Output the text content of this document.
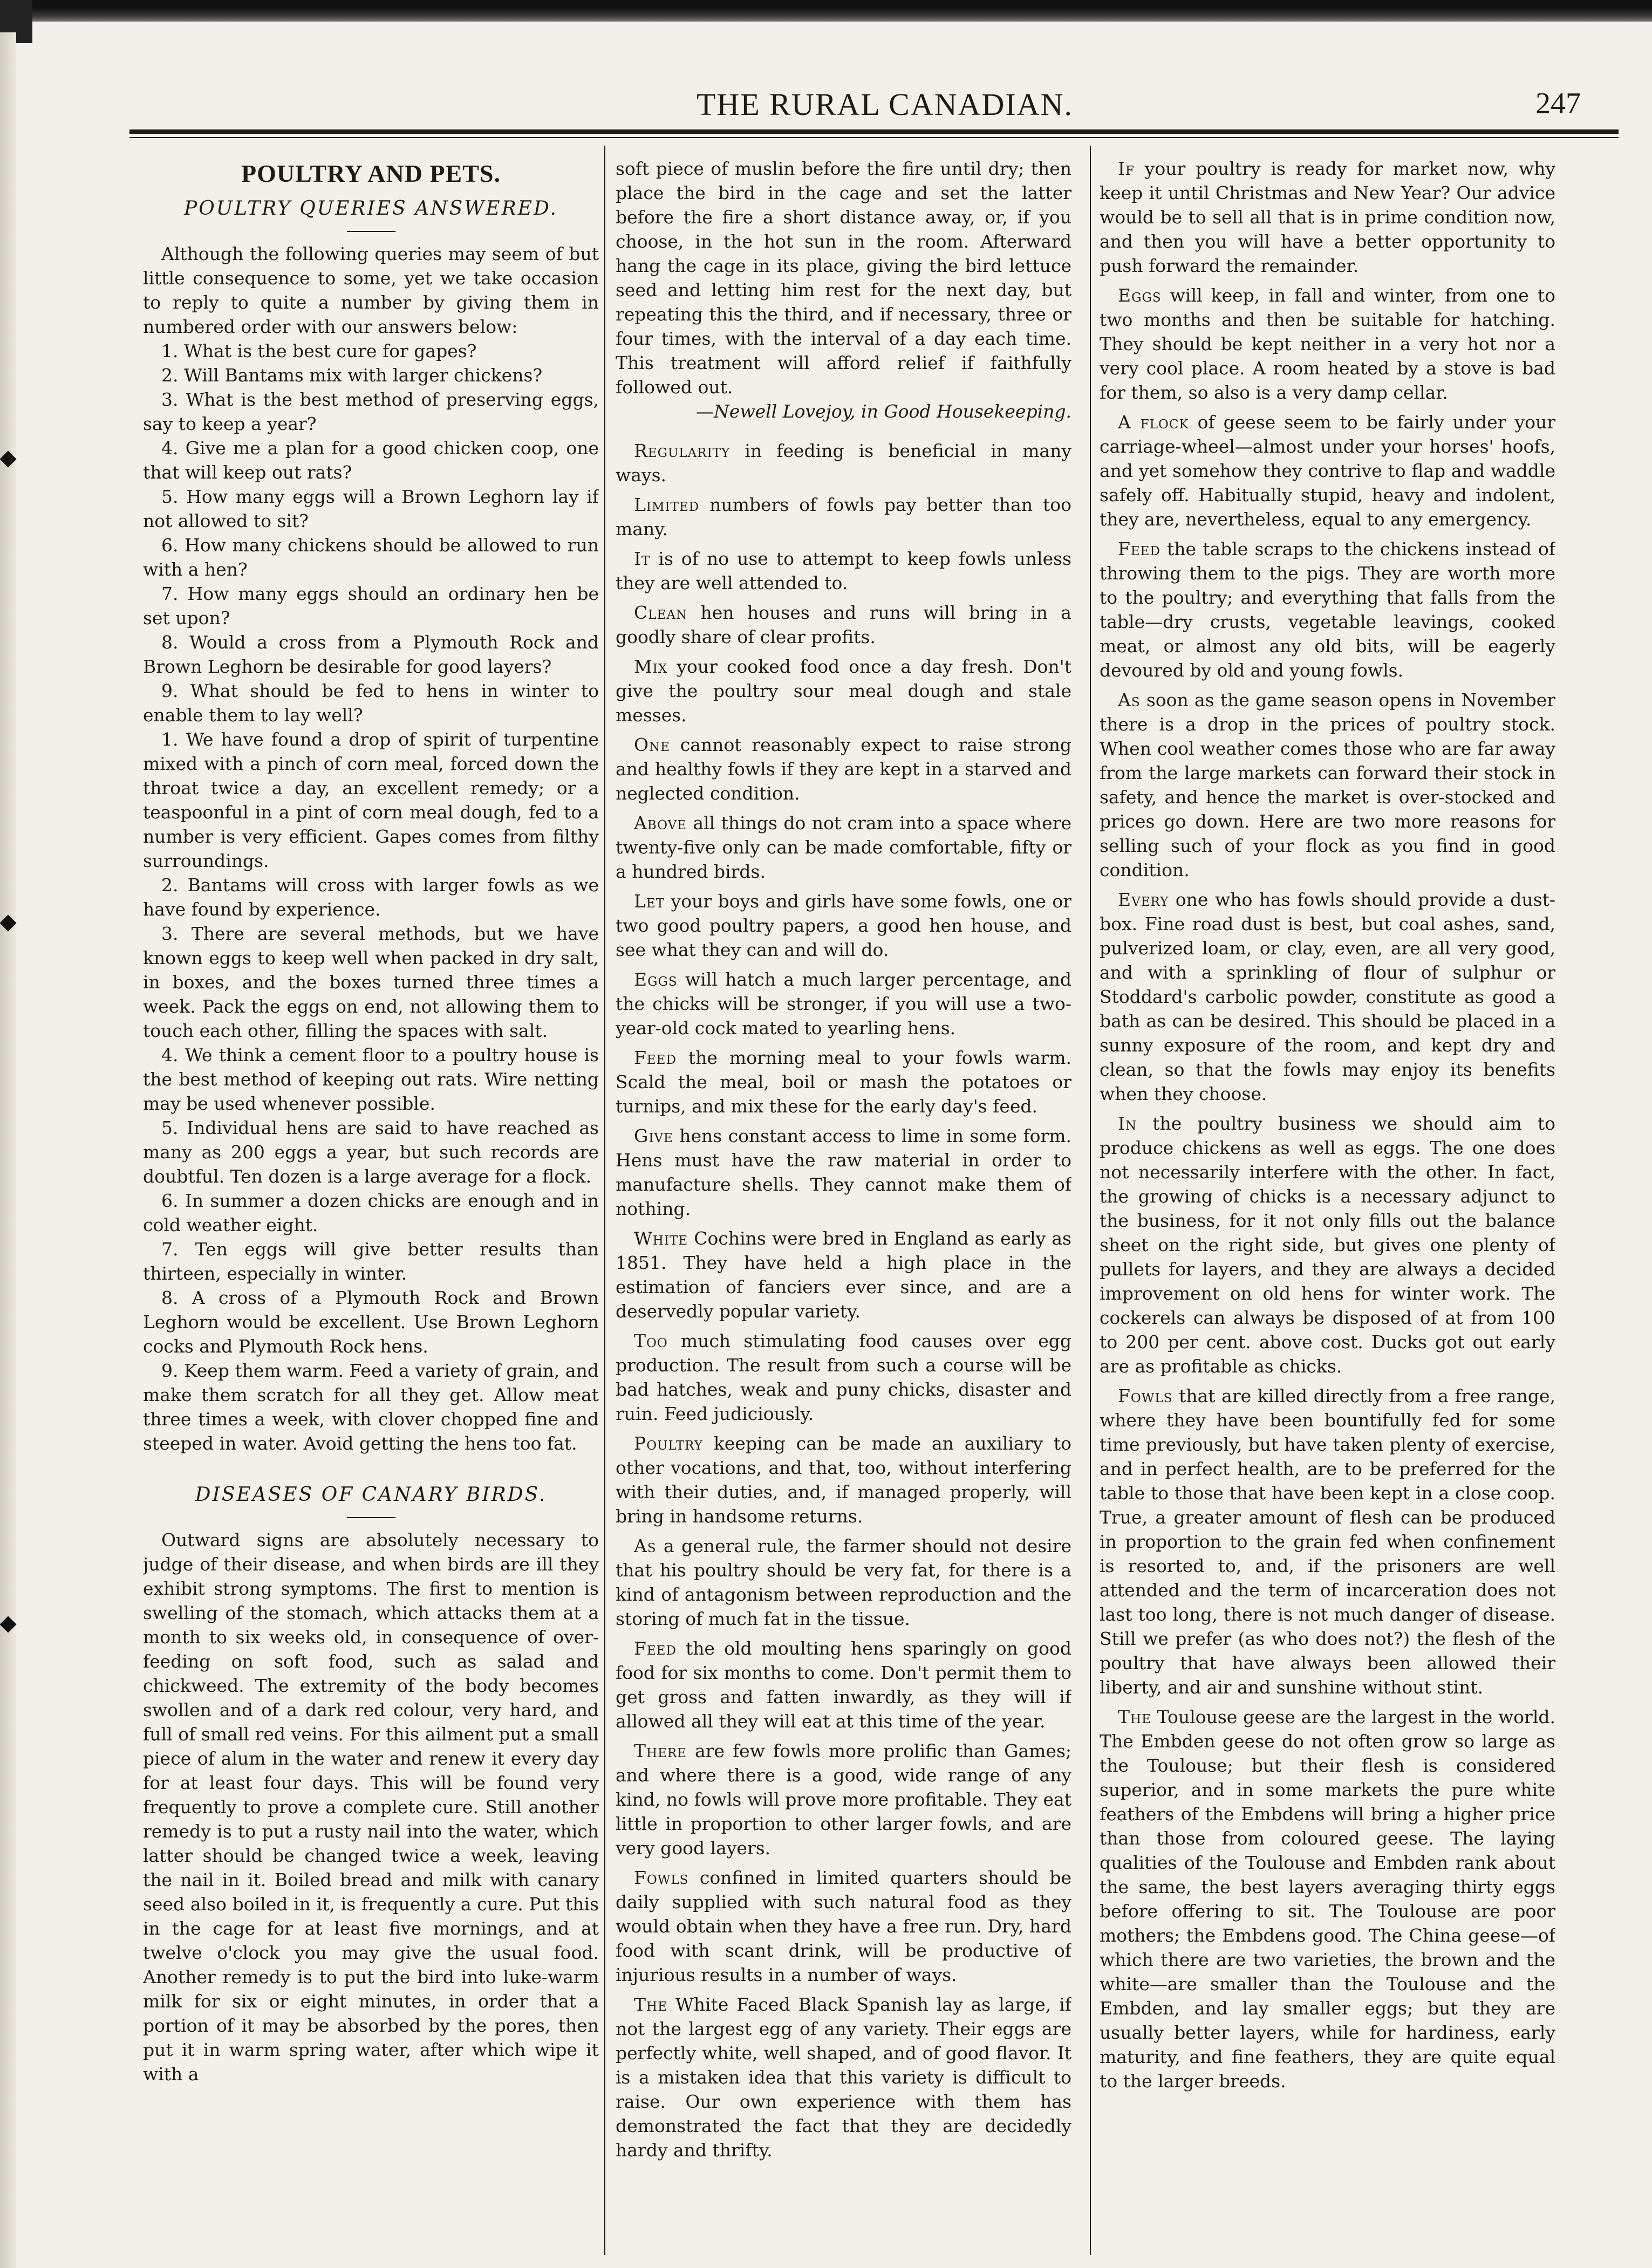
THE RURAL CANADIAN.	247
POULTRY AND PETS.
POULTRY QUERIES ANSWERED.

Although the following queries may seem of but little consequence to some, yet we take occasion to reply to quite a number by giving them in numbered order with our answers below:

1. What is the best cure for gapes?

2. Will Bantams mix with larger chickens?

3. What is the best method of preserving eggs, say to keep a year?

4. Give me a plan for a good chicken coop, one that will keep out rats?

5. How many eggs will a Brown Leghorn lay if not allowed to sit?

6. How many chickens should be allowed to run with a hen?

7. How many eggs should an ordinary hen be set upon?

8. Would a cross from a Plymouth Rock and Brown Leghorn be desirable for good layers?

9. What should be fed to hens in winter to enable them to lay well?

1. We have found a drop of spirit of turpentine mixed with a pinch of corn meal, forced down the throat twice a day, an excellent remedy; or a teaspoonful in a pint of corn meal dough, fed to a number is very efficient. Gapes comes from filthy surroundings.

2. Bantams will cross with larger fowls as we have found by experience.

3. There are several methods, but we have known eggs to keep well when packed in dry salt, in boxes, and the boxes turned three times a week. Pack the eggs on end, not allowing them to touch each other, filling the spaces with salt.

4. We think a cement floor to a poultry house is the best method of keeping out rats. Wire netting may be used whenever possible.

5. Individual hens are said to have reached as many as 200 eggs a year, but such records are doubtful. Ten dozen is a large average for a flock.

6. In summer a dozen chicks are enough and in cold weather eight.

7. Ten eggs will give better results than thirteen, especially in winter.

8. A cross of a Plymouth Rock and Brown Leghorn would be excellent. Use Brown Leghorn cocks and Plymouth Rock hens.

9. Keep them warm. Feed a variety of grain, and make them scratch for all they get. Allow meat three times a week, with clover chopped fine and steeped in water. Avoid getting the hens too fat.

DISEASES OF CANARY BIRDS.

Outward signs are absolutely necessary to judge of their disease, and when birds are ill they exhibit strong symptoms. The first to mention is swelling of the stomach, which attacks them at a month to six weeks old, in consequence of over-feeding on soft food, such as salad and chickweed. The extremity of the body becomes swollen and of a dark red colour, very hard, and full of small red veins. For this ailment put a small piece of alum in the water and renew it every day for at least four days. This will be found very frequently to prove a complete cure. Still another remedy is to put a rusty nail into the water, which latter should be changed twice a week, leaving the nail in it. Boiled bread and milk with canary seed also boiled in it, is frequently a cure. Put this in the cage for at least five mornings, and at twelve o'clock you may give the usual food. Another remedy is to put the bird into luke-warm milk for six or eight minutes, in order that a portion of it may be absorbed by the pores, then put it in warm spring water, after which wipe it with a

soft piece of muslin before the fire until dry; then place the bird in the cage and set the latter before the fire a short distance away, or, if you choose, in the hot sun in the room. Afterward hang the cage in its place, giving the bird lettuce seed and letting him rest for the next day, but repeating this the third, and if necessary, three or four times, with the interval of a day each time. This treatment will afford relief if faithfully followed out.

—Newell Lovejoy, in Good Housekeeping.

Regularity in feeding is beneficial in many ways.

Limited numbers of fowls pay better than too many.

It is of no use to attempt to keep fowls unless they are well attended to.

Clean hen houses and runs will bring in a goodly share of clear profits.

Mix your cooked food once a day fresh. Don't give the poultry sour meal dough and stale messes.

One cannot reasonably expect to raise strong and healthy fowls if they are kept in a starved and neglected condition.

Above all things do not cram into a space where twenty-five only can be made comfortable, fifty or a hundred birds.

Let your boys and girls have some fowls, one or two good poultry papers, a good hen house, and see what they can and will do.

Eggs will hatch a much larger percentage, and the chicks will be stronger, if you will use a two-year-old cock mated to yearling hens.

Feed the morning meal to your fowls warm. Scald the meal, boil or mash the potatoes or turnips, and mix these for the early day's feed.

Give hens constant access to lime in some form. Hens must have the raw material in order to manufacture shells. They cannot make them of nothing.

White Cochins were bred in England as early as 1851. They have held a high place in the estimation of fanciers ever since, and are a deservedly popular variety.

Too much stimulating food causes over egg production. The result from such a course will be bad hatches, weak and puny chicks, disaster and ruin. Feed judiciously.

Poultry keeping can be made an auxiliary to other vocations, and that, too, without interfering with their duties, and, if managed properly, will bring in handsome returns.

As a general rule, the farmer should not desire that his poultry should be very fat, for there is a kind of antagonism between reproduction and the storing of much fat in the tissue.

Feed the old moulting hens sparingly on good food for six months to come. Don't permit them to get gross and fatten inwardly, as they will if allowed all they will eat at this time of the year.

There are few fowls more prolific than Games; and where there is a good, wide range of any kind, no fowls will prove more profitable. They eat little in proportion to other larger fowls, and are very good layers.

Fowls confined in limited quarters should be daily supplied with such natural food as they would obtain when they have a free run. Dry, hard food with scant drink, will be productive of injurious results in a number of ways.

The White Faced Black Spanish lay as large, if not the largest egg of any variety. Their eggs are perfectly white, well shaped, and of good flavor. It is a mistaken idea that this variety is difficult to raise. Our own experience with them has demonstrated the fact that they are decidedly hardy and thrifty.

If your poultry is ready for market now, why keep it until Christmas and New Year? Our advice would be to sell all that is in prime condition now, and then you will have a better opportunity to push forward the remainder.

Eggs will keep, in fall and winter, from one to two months and then be suitable for hatching. They should be kept neither in a very hot nor a very cool place. A room heated by a stove is bad for them, so also is a very damp cellar.

A flock of geese seem to be fairly under your carriage-wheel—almost under your horses' hoofs, and yet somehow they contrive to flap and waddle safely off. Habitually stupid, heavy and indolent, they are, nevertheless, equal to any emergency.

Feed the table scraps to the chickens instead of throwing them to the pigs. They are worth more to the poultry; and everything that falls from the table—dry crusts, vegetable leavings, cooked meat, or almost any old bits, will be eagerly devoured by old and young fowls.

As soon as the game season opens in November there is a drop in the prices of poultry stock. When cool weather comes those who are far away from the large markets can forward their stock in safety, and hence the market is over-stocked and prices go down. Here are two more reasons for selling such of your flock as you find in good condition.

Every one who has fowls should provide a dust-box. Fine road dust is best, but coal ashes, sand, pulverized loam, or clay, even, are all very good, and with a sprinkling of flour of sulphur or Stoddard's carbolic powder, constitute as good a bath as can be desired. This should be placed in a sunny exposure of the room, and kept dry and clean, so that the fowls may enjoy its benefits when they choose.

In the poultry business we should aim to produce chickens as well as eggs. The one does not necessarily interfere with the other. In fact, the growing of chicks is a necessary adjunct to the business, for it not only fills out the balance sheet on the right side, but gives one plenty of pullets for layers, and they are always a decided improvement on old hens for winter work. The cockerels can always be disposed of at from 100 to 200 per cent. above cost. Ducks got out early are as profitable as chicks.

Fowls that are killed directly from a free range, where they have been bountifully fed for some time previously, but have taken plenty of exercise, and in perfect health, are to be preferred for the table to those that have been kept in a close coop. True, a greater amount of flesh can be produced in proportion to the grain fed when confinement is resorted to, and, if the prisoners are well attended and the term of incarceration does not last too long, there is not much danger of disease. Still we prefer (as who does not?) the flesh of the poultry that have always been allowed their liberty, and air and sunshine without stint.

The Toulouse geese are the largest in the world. The Embden geese do not often grow so large as the Toulouse; but their flesh is considered superior, and in some markets the pure white feathers of the Embdens will bring a higher price than those from coloured geese. The laying qualities of the Toulouse and Embden rank about the same, the best layers averaging thirty eggs before offering to sit. The Toulouse are poor mothers; the Embdens good. The China geese—of which there are two varieties, the brown and the white—are smaller than the Toulouse and the Embden, and lay smaller eggs; but they are usually better layers, while for hardiness, early maturity, and fine feathers, they are quite equal to the larger breeds.
